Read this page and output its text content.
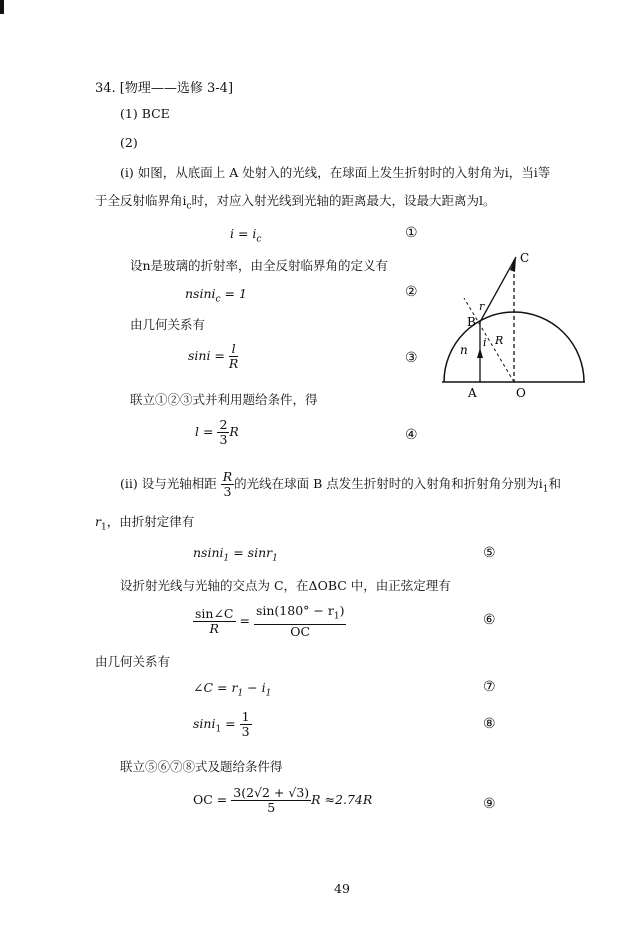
34. [物理——选修 3-4]
(1) BCE
(2)
(i) 如图，从底面上 A 处射入的光线，在球面上发生折射时的入射角为i，当i等
于全反射临界角$i_c$时，对应入射光线到光轴的距离最大，设最大距离为l。
$i = i_c$	①
设n是玻璃的折射率，由全反射临界角的定义有
nsini$_c$ = 1	②
由几何关系有
$\sin i = \frac{l}{R}$	③
联立①②③式并利用题给条件，得
$l = \frac{2}{3}$ R	④
C
B
A	O
r
i R
n
(ii) 设与光轴相距 $\frac{R}{3}$ 的光线在球面 B 点发生折射时的入射角和折射角分别为$i_1$和
$r_1$，由折射定律有
nsini$_1$ = sinr$_1$	⑤
设折射光线与光轴的交点为 C，在ΔOBC 中，由正弦定理有
$\frac{\sin\angle C}{R} = \frac{\sin(180^\circ - r_1)}{OC}$	⑥
由几何关系有
∠C = $r_1 - i_1$	⑦
$\sin i_1 = \frac{1}{3}$	⑧
联立⑤⑥⑦⑧式及题给条件得
OC = $\frac{3(2√2 + √3)}{5}$ R ≈2.74R	⑨
49
